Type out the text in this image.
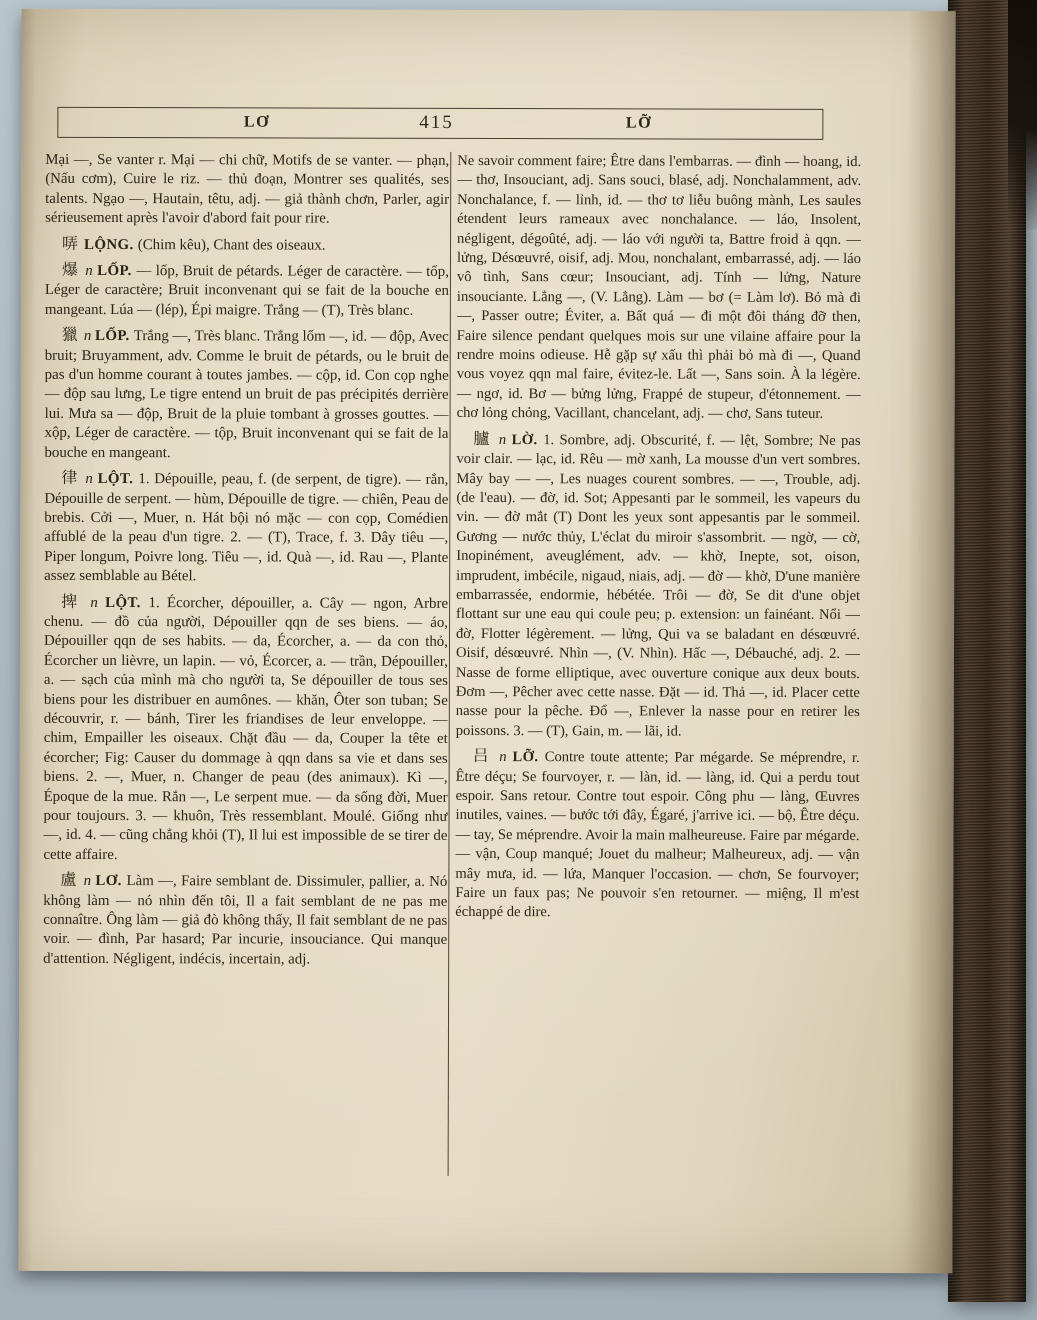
LƠ	415	LỠ

Mại —, Se vanter r. Mại — chi chữ, Motifs de se vanter. — phạn, (Nấu cơm), Cuire le riz. — thủ đoạn, Montrer ses qualités, ses talents. Ngạo —, Hautain, têtu, adj. — giả thành chơn, Parler, agir sérieusement après l'avoir d'abord fait pour rire.

哢 LỘNG. (Chim kêu), Chant des oiseaux.

爆 n LỐP. — lốp, Bruit de pétards. Léger de caractère. — tốp, Léger de caractère; Bruit inconvenant qui se fait de la bouche en mangeant. Lúa — (lép), Épi maigre. Trắng — (T), Très blanc.

獵 n LỐP. Trắng —, Très blanc. Trắng lốm —, id. — độp, Avec bruit; Bruyamment, adv. Comme le bruit de pétards, ou le bruit de pas d'un homme courant à toutes jambes. — cộp, id. Con cọp nghe — độp sau lưng, Le tigre entend un bruit de pas précipités derrière lui. Mưa sa — độp, Bruit de la pluie tombant à grosses gouttes. — xộp, Léger de caractère. — tộp, Bruit inconvenant qui se fait de la bouche en mangeant.

律 n LỘT. 1. Dépouille, peau, f. (de serpent, de tigre). — rắn, Dépouille de serpent. — hùm, Dépouille de tigre. — chiên, Peau de brebis. Cởi —, Muer, n. Hát bội nó mặc — con cọp, Comédien affublé de la peau d'un tigre. 2. — (T), Trace, f. 3. Dây tiêu —, Piper longum, Poivre long. Tiêu —, id. Quà —, id. Rau —, Plante assez semblable au Bétel.

捭 n LỘT. 1. Écorcher, dépouiller, a. Cây — ngon, Arbre chenu. — đồ của người, Dépouiller qqn de ses biens. — áo, Dépouiller qqn de ses habits. — da, Écorcher, a. — da con thỏ, Écorcher un lièvre, un lapin. — vỏ, Écorcer, a. — trần, Dépouiller, a. — sạch của mình mà cho người ta, Se dépouiller de tous ses biens pour les distribuer en aumônes. — khăn, Ôter son tuban; Se découvrir, r. — bánh, Tirer les friandises de leur enveloppe. — chim, Empailler les oiseaux. Chặt đầu — da, Couper la tête et écorcher; Fig: Causer du dommage à qqn dans sa vie et dans ses biens. 2. —, Muer, n. Changer de peau (des animaux). Kì —, Époque de la mue. Rắn —, Le serpent mue. — da sống đời, Muer pour toujours. 3. — khuôn, Très ressemblant. Moulé. Giống như —, id. 4. — cũng chẳng khỏi (T), Il lui est impossible de se tirer de cette affaire.

盧 n LƠ. Làm —, Faire semblant de. Dissimuler, pallier, a. Nó không làm — nó nhìn đến tôi, Il a fait semblant de ne pas me connaître. Ông làm — giả đò không thấy, Il fait semblant de ne pas voir. — đình, Par hasard; Par incurie, insouciance. Qui manque d'attention. Négligent, indécis, incertain, adj.

Ne savoir comment faire; Être dans l'embarras. — đình — hoang, id. — thơ, Insouciant, adj. Sans souci, blasé, adj. Nonchalamment, adv. Nonchalance, f. — lỉnh, id. — thơ tơ liễu buông mành, Les saules étendent leurs rameaux avec nonchalance. — láo, Insolent, négligent, dégoûté, adj. — láo với người ta, Battre froid à qqn. — lửng, Désœuvré, oisif, adj. Mou, nonchalant, embarrassé, adj. — láo vô tình, Sans cœur; Insouciant, adj. Tính — lửng, Nature insouciante. Lẳng —, (V. Lẳng). Làm — bơ (= Làm lơ). Bỏ mà đi —, Passer outre; Éviter, a. Bất quá — đi một đôi tháng đỡ then, Faire silence pendant quelques mois sur une vilaine affaire pour la rendre moins odieuse. Hễ gặp sự xấu thì phải bỏ mà đi —, Quand vous voyez qqn mal faire, évitez-le. Lất —, Sans soin. À la légère. — ngơ, id. Bơ — bửng lửng, Frappé de stupeur, d'étonnement. — chơ lỏng chỏng, Vacillant, chancelant, adj. — chơ, Sans tuteur.

臚 n LỜ. 1. Sombre, adj. Obscurité, f. — lệt, Sombre; Ne pas voir clair. — lạc, id. Rêu — mờ xanh, La mousse d'un vert sombres. Mây bay — —, Les nuages courent sombres. — —, Trouble, adj. (de l'eau). — đờ, id. Sot; Appesanti par le sommeil, les vapeurs du vin. — đờ mắt (T) Dont les yeux sont appesantis par le sommeil. Gương — nước thủy, L'éclat du miroir s'assombrit. — ngờ, — cờ, Inopinément, aveuglément, adv. — khờ, Inepte, sot, oison, imprudent, imbécile, nigaud, niais, adj. — đờ — khờ, D'une manière embarrassée, endormie, hébétée. Trôi — đờ, Se dit d'une objet flottant sur une eau qui coule peu; p. extension: un fainéant. Nổi — đờ, Flotter légèrement. — lửng, Qui va se baladant en désœuvré. Oisif, désœuvré. Nhìn —, (V. Nhìn). Hấc —, Débauché, adj. 2. — Nasse de forme elliptique, avec ouverture conique aux deux bouts. Đơm —, Pêcher avec cette nasse. Đặt — id. Thả —, id. Placer cette nasse pour la pêche. Đổ —, Enlever la nasse pour en retirer les poissons. 3. — (T), Gain, m. — lãi, id.

吕 n LỠ. Contre toute attente; Par mégarde. Se méprendre, r. Être déçu; Se fourvoyer, r. — làn, id. — làng, id. Qui a perdu tout espoir. Sans retour. Contre tout espoir. Công phu — làng, Œuvres inutiles, vaines. — bước tới đây, Égaré, j'arrive ici. — bộ, Être déçu. — tay, Se méprendre. Avoir la main malheureuse. Faire par mégarde. — vận, Coup manqué; Jouet du malheur; Malheureux, adj. — vận mây mưa, id. — lứa, Manquer l'occasion. — chơn, Se fourvoyer; Faire un faux pas; Ne pouvoir s'en retourner. — miệng, Il m'est échappé de dire.
